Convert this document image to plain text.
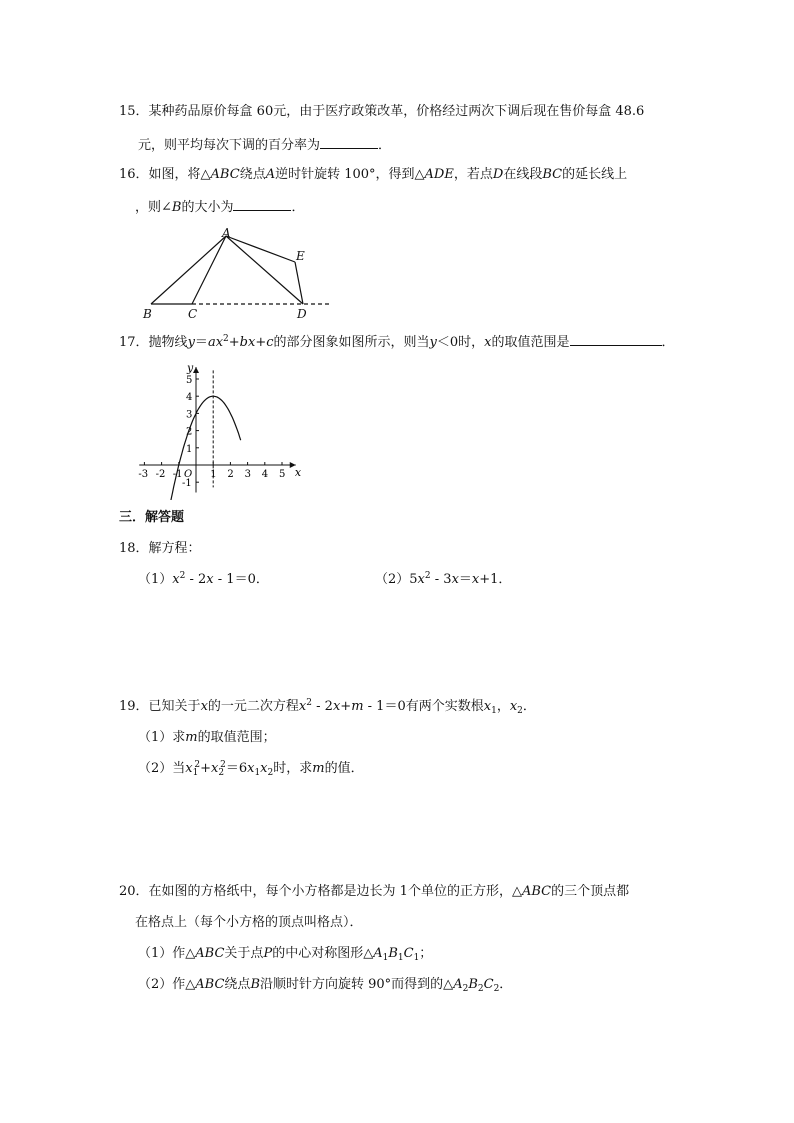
15．某种药品原价每盒 60元，由于医疗政策改革，价格经过两次下调后现在售价每盒 48.6
元，则平均每次下调的百分率为	．
16．如图，将△ABC绕点A逆时针旋转 100°，得到△ADE，若点D在线段BC的延长线上
，则∠B的大小为	．
A
B	C	D
E
17．抛物线$y=ax^2+bx+c$的部分图象如图所示，则当y＜0时，x的取值范围是	．
x
y
O
-3 -2 -1	1 2 3 4 5
5
4
3
2
1
-1
三．解答题
18．解方程：
$(1)x^2 - 2x - 1=0$．	$(2)5x^2 - 3x=x+1$．
19．已知关于x的一元二次方程$x^2 - 2x+m - 1=0$有两个实数根$x_1$，$x_2$．
（1）求m的取值范围；
（2）当$x_1^2+x_2^2=6x_1x_2$时，求m的值．
20．在如图的方格纸中，每个小方格都是边长为 1个单位的正方形，△ABC的三个顶点都
在格点上（每个小方格的顶点叫格点）．
（1）作△ABC关于点P的中心对称图形$\triangle A_1B_1C_1$；
（2）作△ABC绕点B沿顺时针方向旋转 90°而得到的$\triangle A_2B_2C_2$．
